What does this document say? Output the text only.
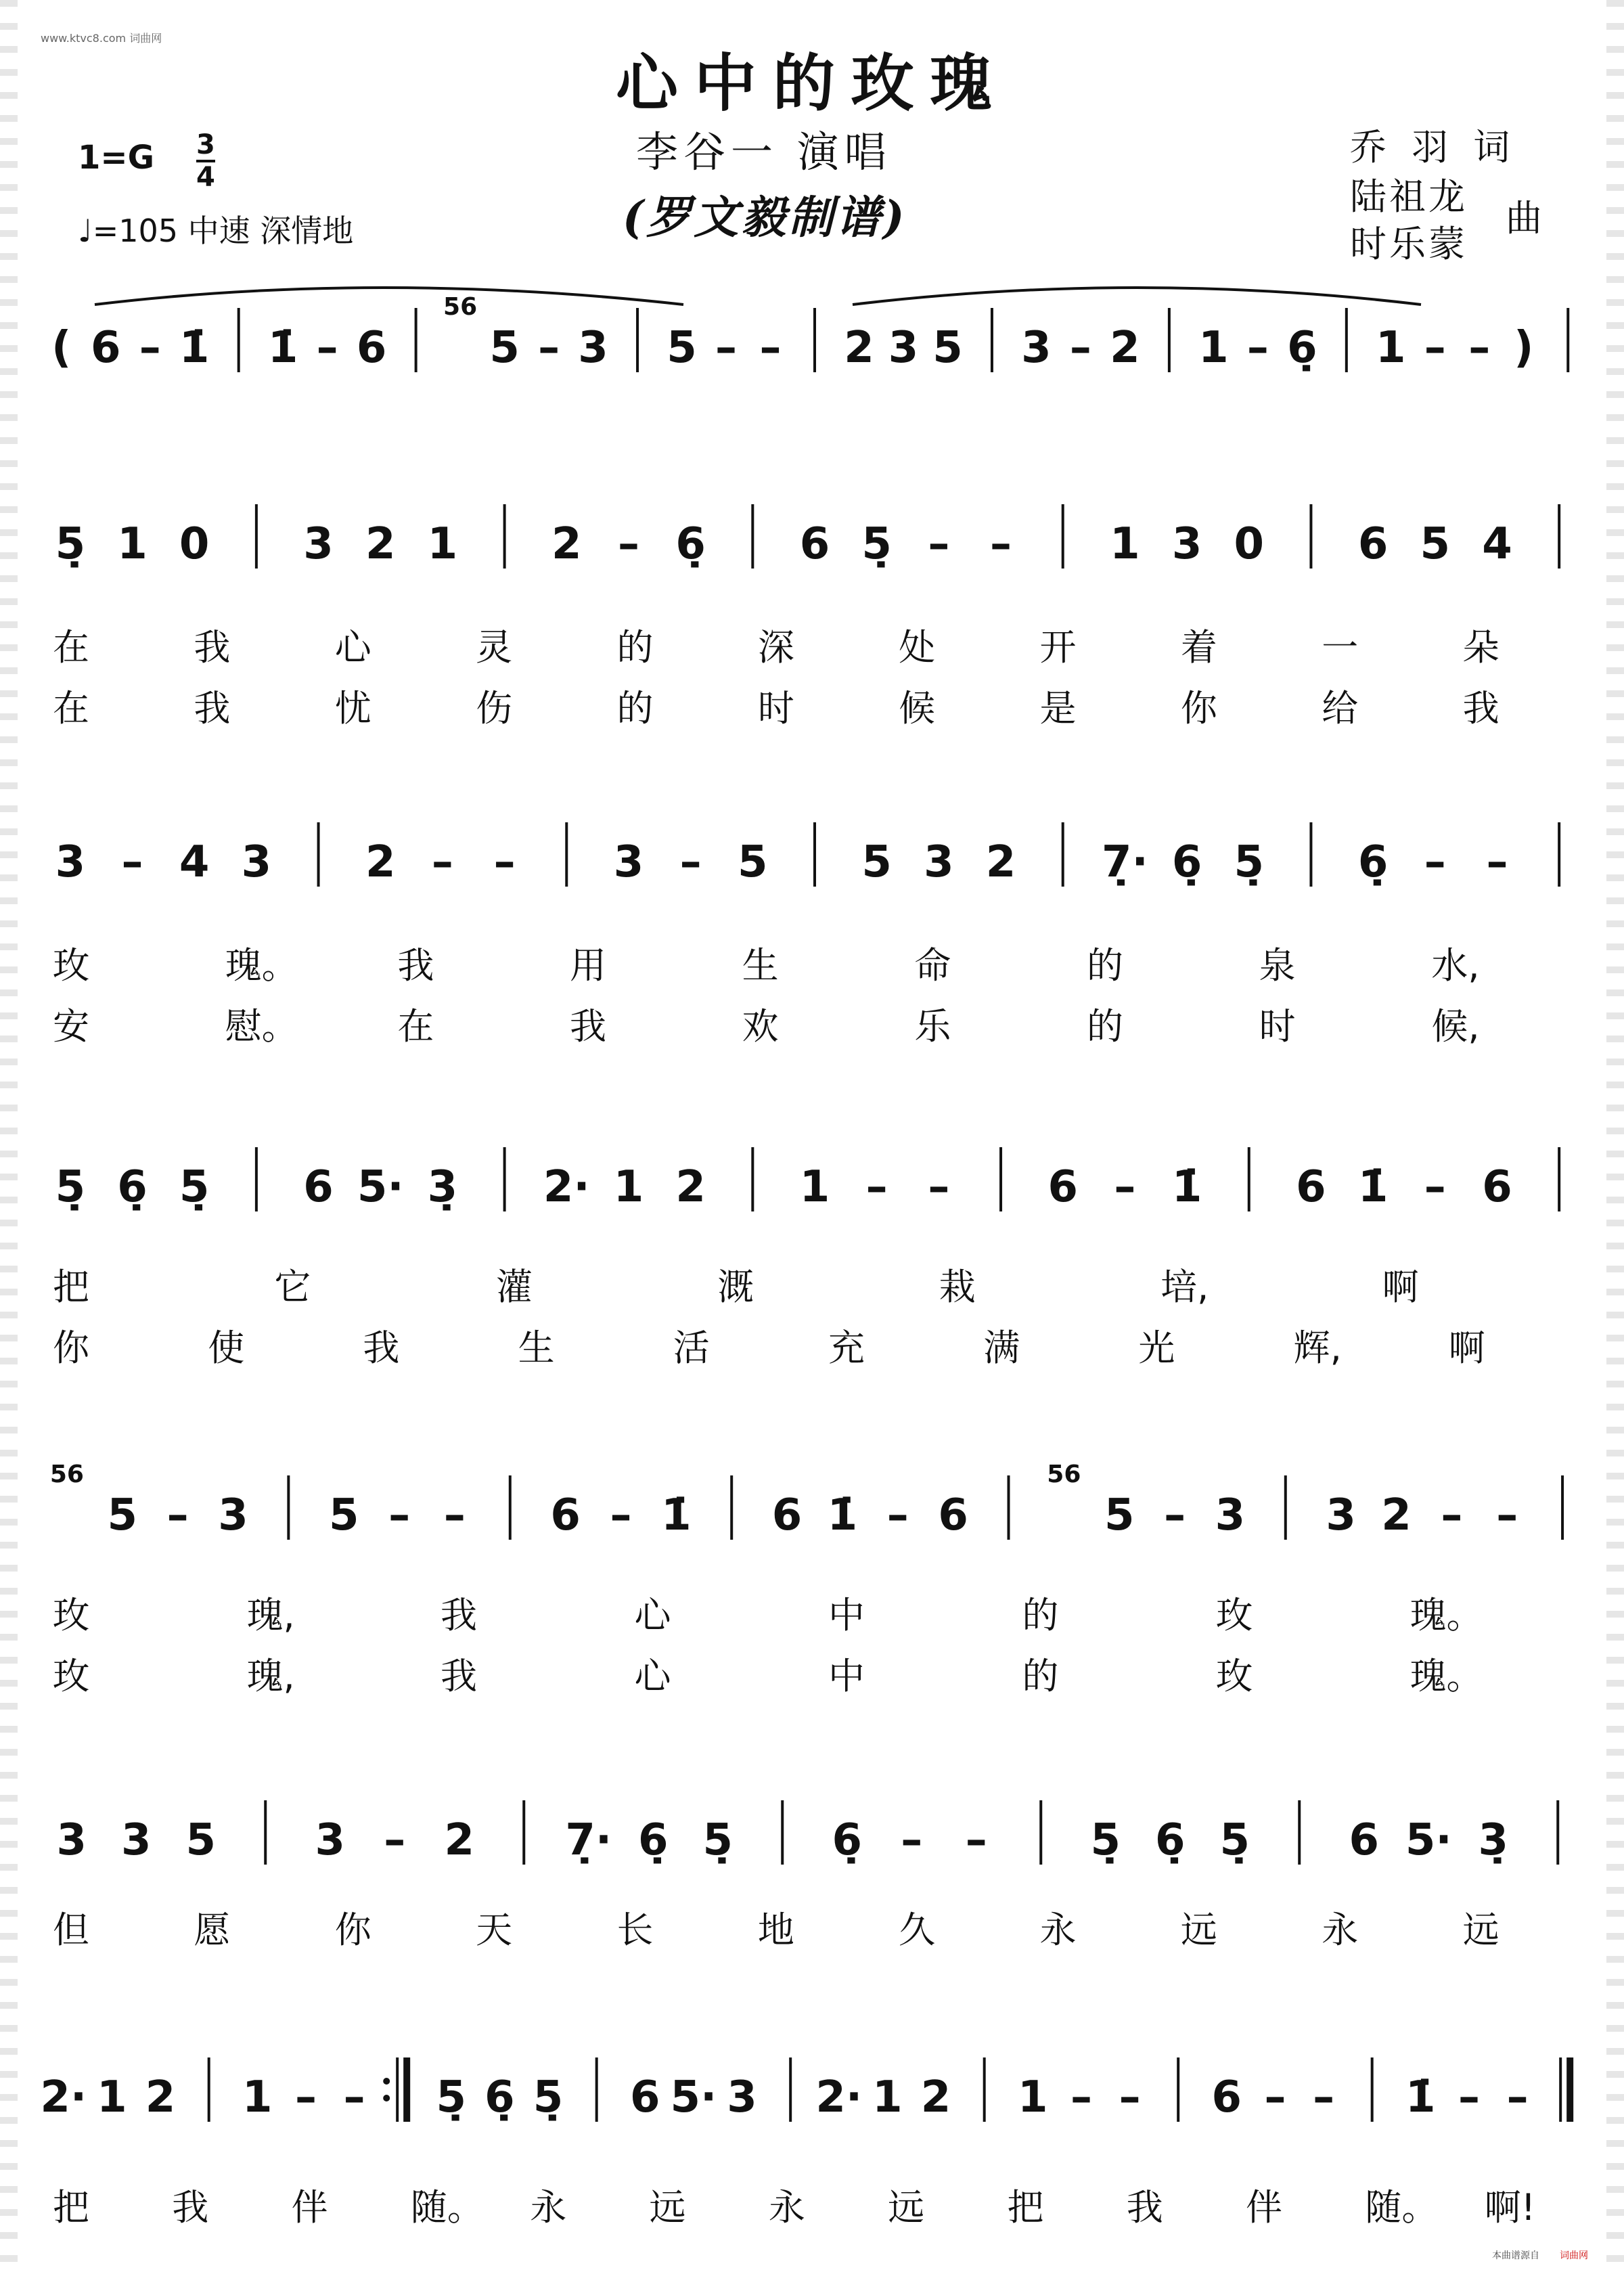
www.ktvc8.com 词曲网
心中的玫瑰
李谷一 演唱
(罗文毅制谱)
$1=G \frac{3}{4}$
♩=105 中速 深情地
乔 羽 词
陆祖龙
时乐蒙
曲
本曲谱源自 词曲网
( 6 – 1̇ 1̇ – 6
56
5 – 3 5 – – 2 3 5 3 – 2 1 – 6̣ 1 – – )
5̣ 1 0 3 2 1 2 – 6̣ 6 5̣ – – 1 3 0 6 5 4
在	我	心	灵	的	深	处	开	着	一	朵
在	我	忧	伤	的	时	候	是	你	给	我
3 – 4 3 2 – – 3 – 5 5 3 2 7̣· 6̣ 5̣ 6̣ – –
玫	瑰。	我	用	生	命	的	泉	水,
安	慰。	在	我	欢	乐	的	时	候,
5̣ 6̣ 5̣ 6 5· 3̣ 2· 1 2 1 – – 6 – 1̇ 6 1̇ – 6
把	它	灌	溉	栽	培,	啊
你	使	我	生	活	充	满	光	辉,	啊
56
5 – 3 5 – – 6 – 1̇ 6 1̇ – 6
56
5 – 3 3 2 – –
玫	瑰,	我	心	中	的	玫	瑰。
玫	瑰,	我	心	中	的	玫	瑰。
3 3 5 3 – 2 7̣· 6̣ 5̣ 6̣ – – 5̣ 6̣ 5̣ 6 5· 3̣
但	愿	你	天	长	地	久	永	远	永	远
2· 1 2 1 – – 5̣ 6̣ 5̣ 6 5· 3 2· 1 2 1 – – 6 – – 1̇ – –
把 我 伴 随。 永 远 永 远 把 我 伴 随。 啊!
